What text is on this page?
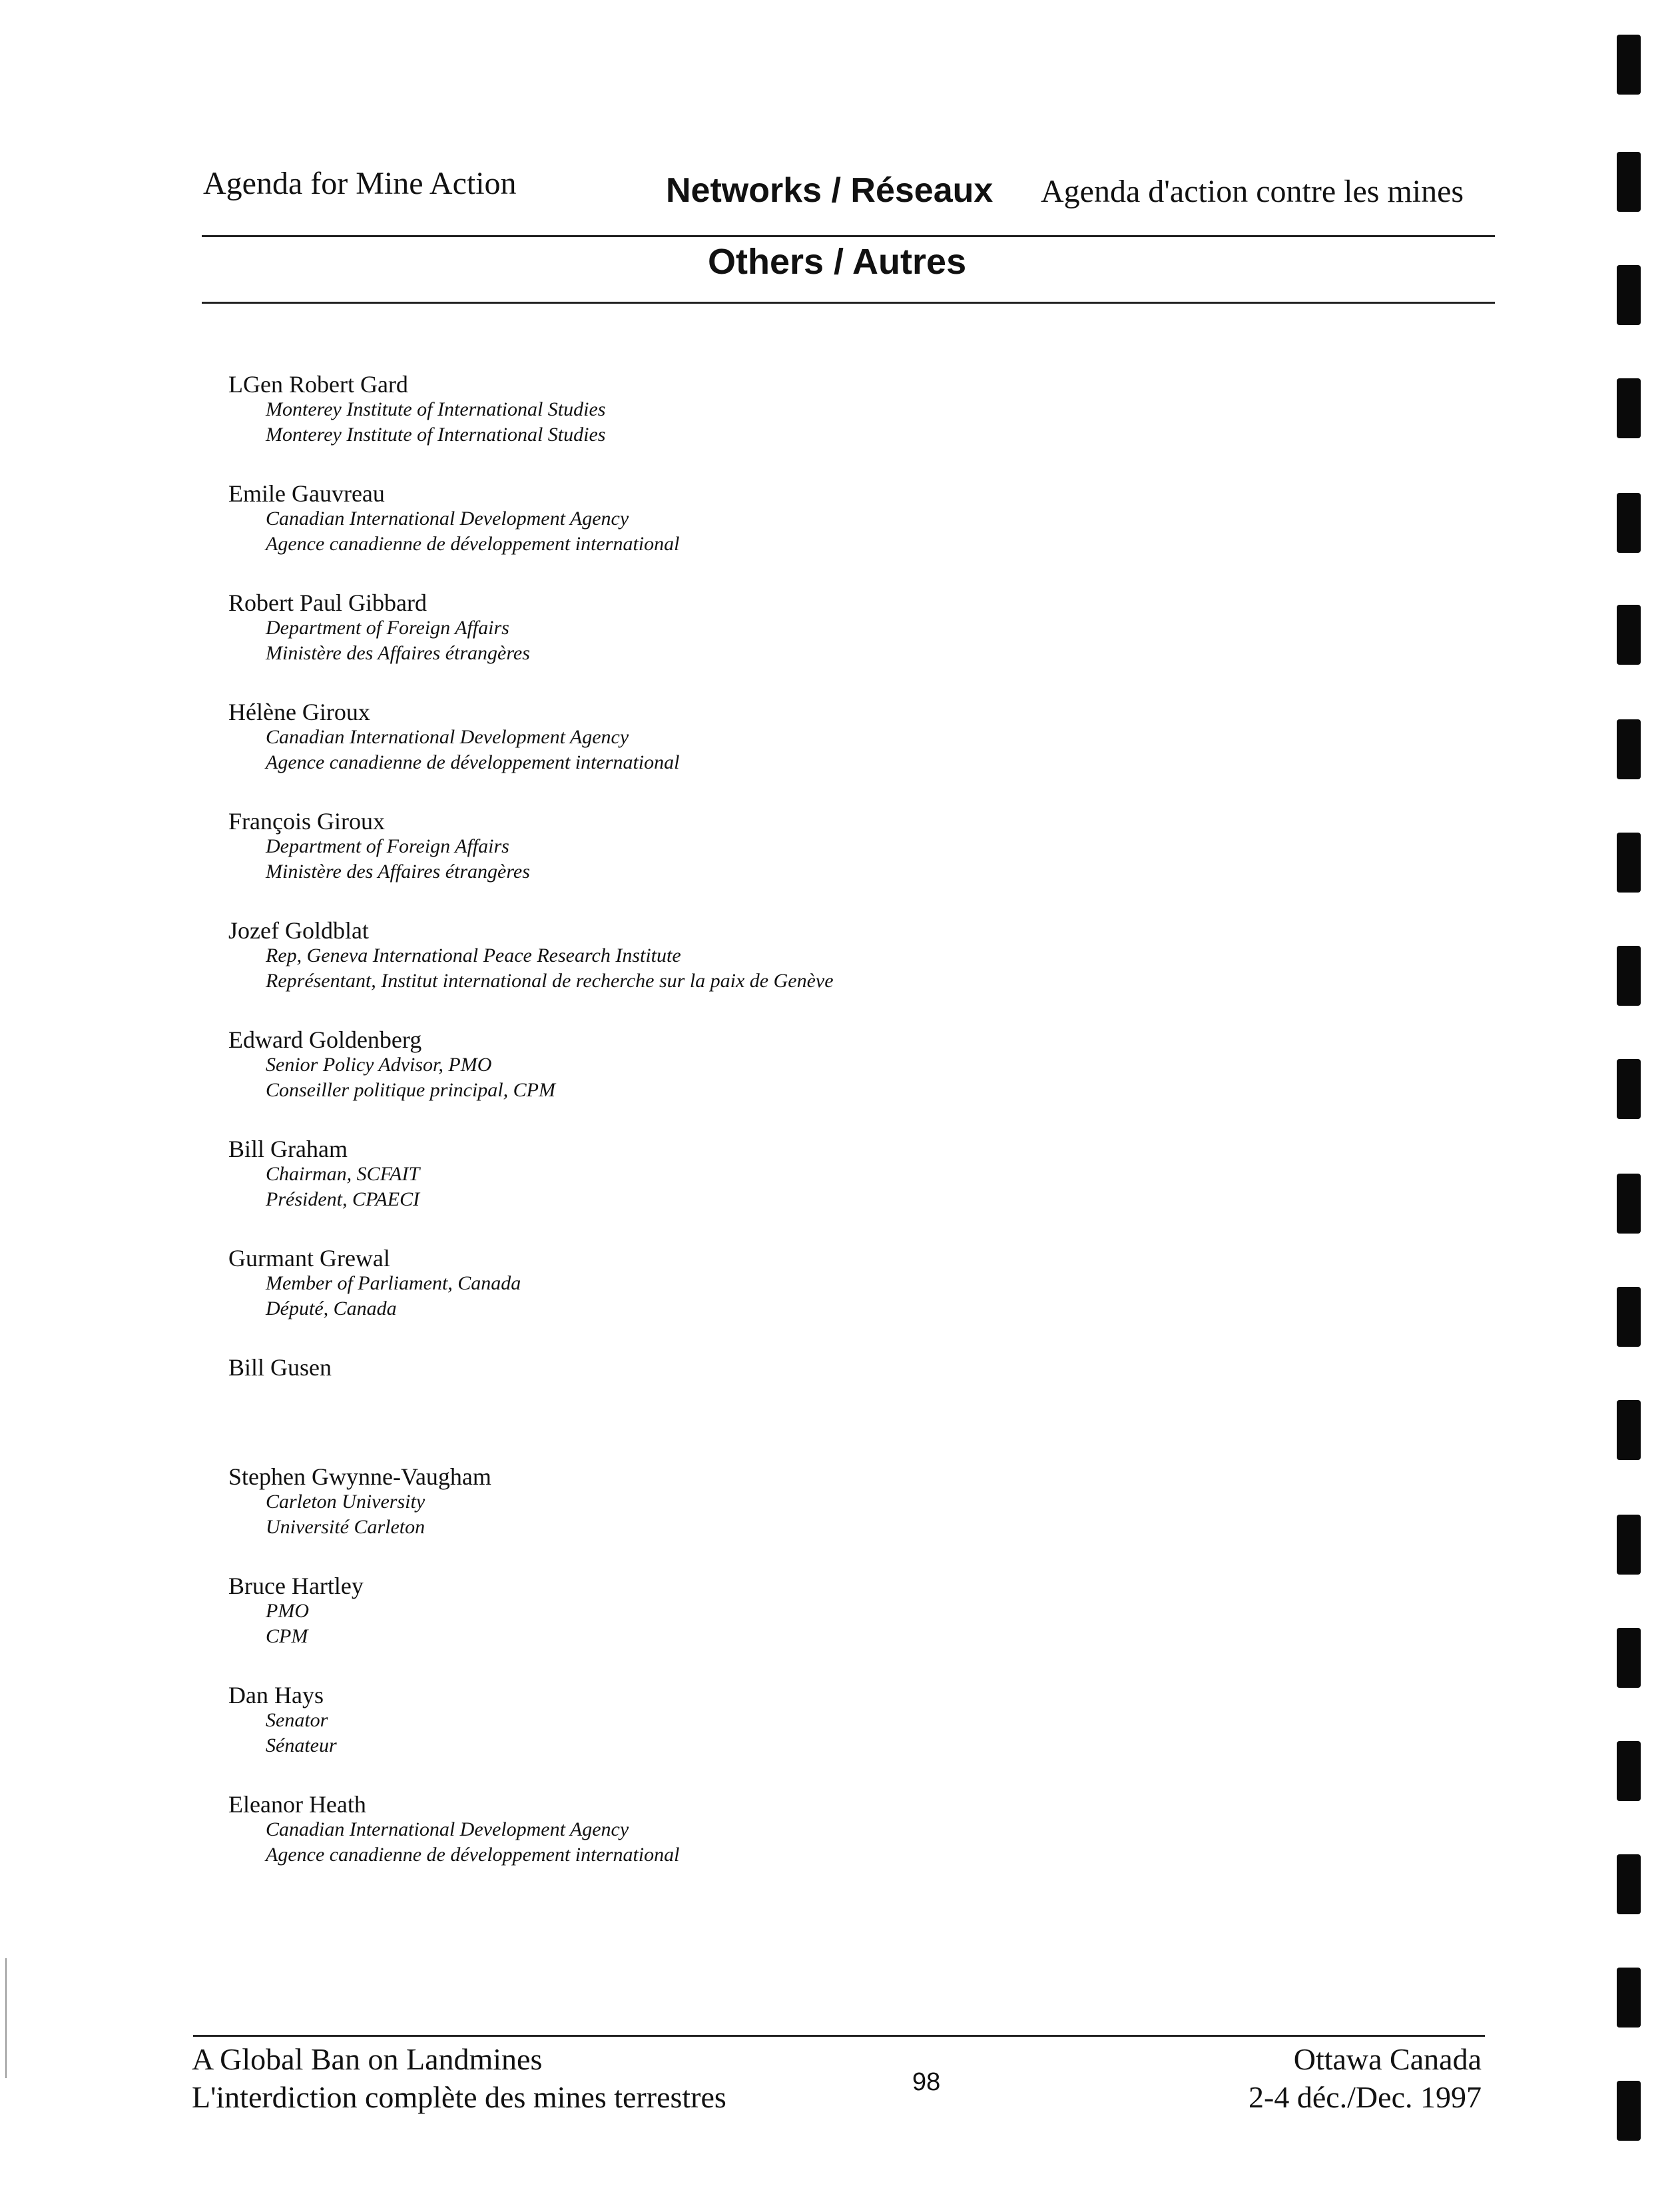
Agenda for Mine Action	Networks / Réseaux Agenda d'action contre les mines
Others / Autres
LGen Robert Gard
Monterey Institute of International Studies
Monterey Institute of International Studies
Emile Gauvreau
Canadian International Development Agency
Agence canadienne de développement international
Robert Paul Gibbard
Department of Foreign Affairs
Ministère des Affaires étrangères
Hélène Giroux
Canadian International Development Agency
Agence canadienne de développement international
François Giroux
Department of Foreign Affairs
Ministère des Affaires étrangères
Jozef Goldblat
Rep, Geneva International Peace Research Institute
Représentant, Institut international de recherche sur la paix de Genève
Edward Goldenberg
Senior Policy Advisor, PMO
Conseiller politique principal, CPM
Bill Graham
Chairman, SCFAIT
Président, CPAECI
Gurmant Grewal
Member of Parliament, Canada
Député, Canada
Bill Gusen
Stephen Gwynne-Vaugham
Carleton University
Université Carleton
Bruce Hartley
PMO
CPM
Dan Hays
Senator
Sénateur
Eleanor Heath
Canadian International Development Agency
Agence canadienne de développement international
A Global Ban on Landmines
L'interdiction complète des mines terrestres	98
Ottawa Canada
2-4 déc./Dec. 1997
